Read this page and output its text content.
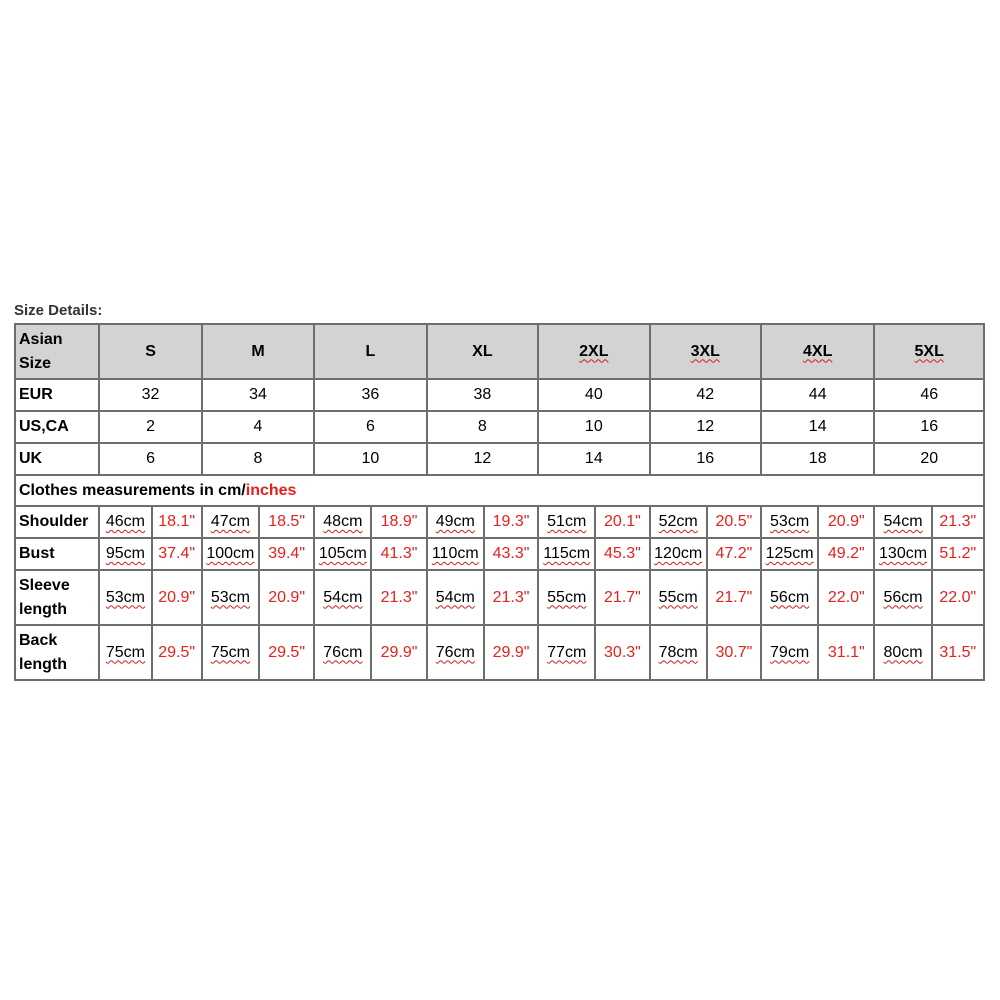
Size Details:
Asian Size	S		M		L		XL		2XL		3XL		4XL		5XL	
EUR	32		34		36		38		40		42		44		46	
US,CA	2		4		6		8		10		12		14		16	
UK	6		8		10		12		14		16		18		20	
Clothes measurements in cm/inches																
Shoulder	46cm	18.1"	47cm	18.5"	48cm	18.9"	49cm	19.3"	51cm	20.1"	52cm	20.5"	53cm	20.9"	54cm	21.3"
Bust	95cm	37.4"	100cm	39.4"	105cm	41.3"	110cm	43.3"	115cm	45.3"	120cm	47.2"	125cm	49.2"	130cm	51.2"
Sleeve length	53cm	20.9"	53cm	20.9"	54cm	21.3"	54cm	21.3"	55cm	21.7"	55cm	21.7"	56cm	22.0"	56cm	22.0"
Back length	75cm	29.5"	75cm	29.5"	76cm	29.9"	76cm	29.9"	77cm	30.3"	78cm	30.7"	79cm	31.1"	80cm	31.5"
